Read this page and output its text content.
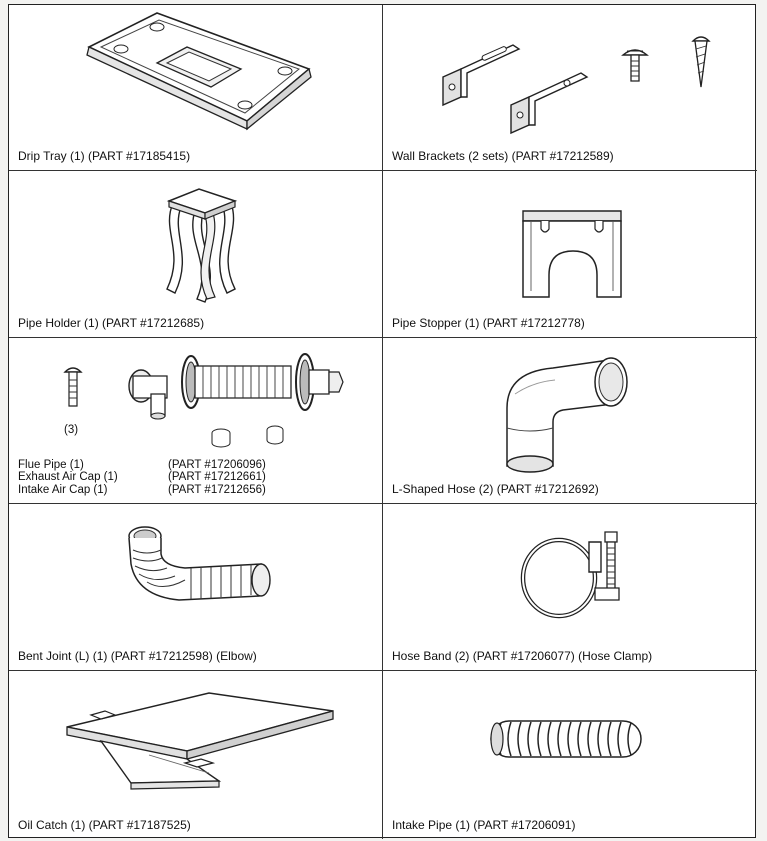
Drip Tray (1) (PART #17185415)	Wall Brackets (2 sets) (PART #17212589)
Pipe Holder (1) (PART #17212685)	Pipe Stopper (1) (PART #17212778)
(3)
Flue Pipe (1)	(PART #17206096)
Exhaust Air Cap (1)	(PART #17212661)
Intake Air Cap (1)	(PART #17212656)	L-Shaped Hose (2) (PART #17212692)
Bent Joint (L) (1) (PART #17212598) (Elbow)	Hose Band (2) (PART #17206077) (Hose Clamp)
Oil Catch (1) (PART #17187525)	Intake Pipe (1) (PART #17206091)
